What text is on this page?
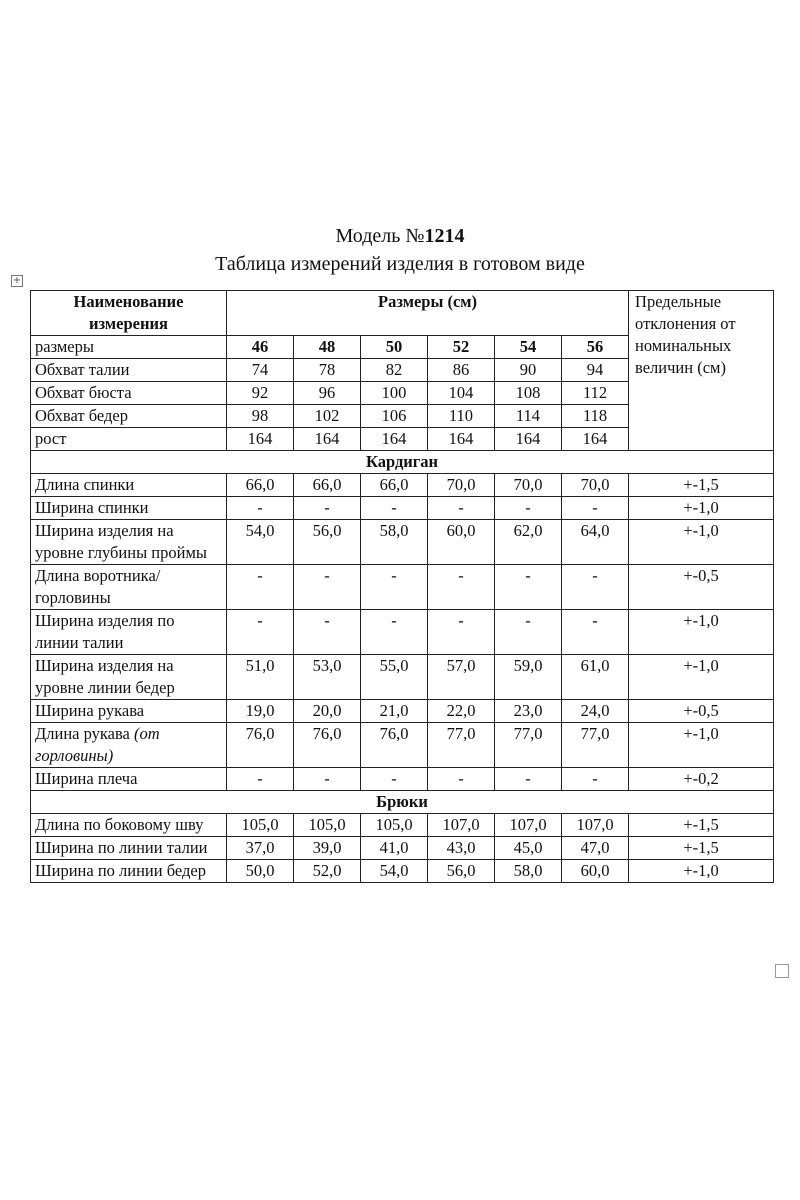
Модель №1214
Таблица измерений изделия в готовом виде
+
Наименование измерения	Размеры (см)						Предельные отклонения от номинальных величин (см)
размеры	46	48	50	52	54	56	
Обхват талии	74	78	82	86	90	94	
Обхват бюста	92	96	100	104	108	112	
Обхват бедер	98	102	106	110	114	118	
рост	164	164	164	164	164	164	
Кардиган							
Длина спинки	66,0	66,0	66,0	70,0	70,0	70,0	+-1,5
Ширина спинки	-	-	-	-	-	-	+-1,0
Ширина изделия на уровне глубины проймы	54,0	56,0	58,0	60,0	62,0	64,0	+-1,0
Длина воротника/горловины	-	-	-	-	-	-	+-0,5
Ширина изделия по линии талии	-	-	-	-	-	-	+-1,0
Ширина изделия на уровне линии бедер	51,0	53,0	55,0	57,0	59,0	61,0	+-1,0
Ширина рукава	19,0	20,0	21,0	22,0	23,0	24,0	+-0,5
Длина рукава (от горловины)	76,0	76,0	76,0	77,0	77,0	77,0	+-1,0
Ширина плеча	-	-	-	-	-	-	+-0,2
Брюки							
Длина по боковому шву	105,0	105,0	105,0	107,0	107,0	107,0	+-1,5
Ширина по линии талии	37,0	39,0	41,0	43,0	45,0	47,0	+-1,5
Ширина по линии бедер	50,0	52,0	54,0	56,0	58,0	60,0	+-1,0
